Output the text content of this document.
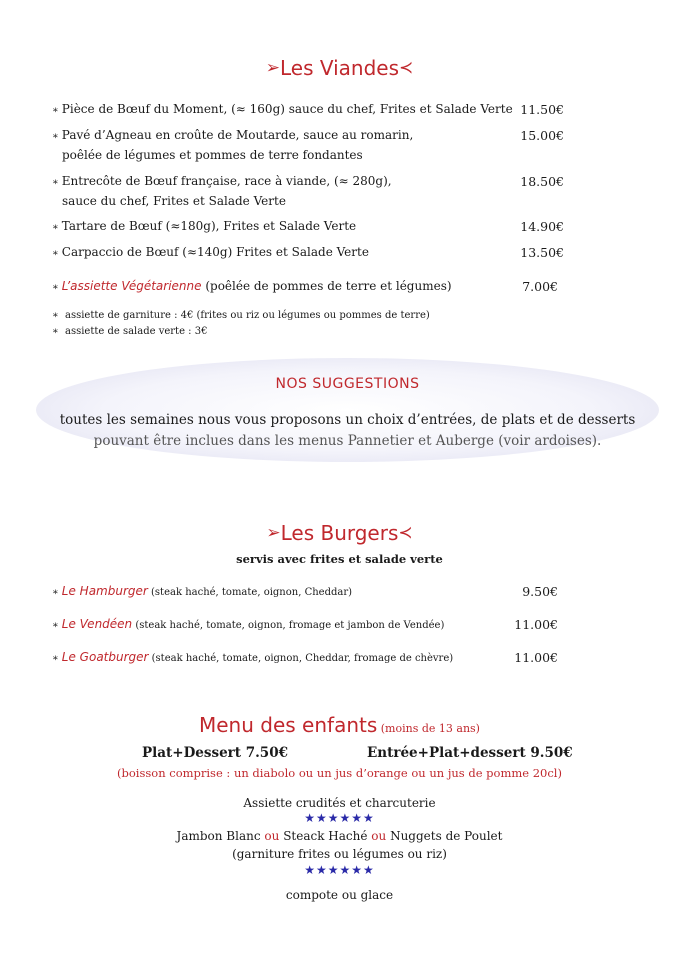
➢Les Viandes≺
∗ Pièce de Bœuf du Moment, (≈ 160g) sauce du chef, Frites et Salade Verte 11.50€
∗ Pavé d’Agneau en croûte de Moutarde, sauce au romarin,
poêlée de légumes et pommes de terre fondantes
15.00€
∗ Entrecôte de Bœuf française, race à viande, (≈ 280g),
sauce du chef, Frites et Salade Verte
18.50€
∗ Tartare de Bœuf (≈180g), Frites et Salade Verte	14.90€
∗ Carpaccio de Bœuf (≈140g) Frites et Salade Verte	13.50€
∗ L’assiette Végétarienne (poêlée de pommes de terre et légumes)	7.00€
∗ assiette de garniture : 4€ (frites ou riz ou légumes ou pommes de terre)
∗ assiette de salade verte : 3€
NOS SUGGESTIONS
toutes les semaines nous vous proposons un choix d’entrées, de plats et de desserts
pouvant être inclues dans les menus Pannetier et Auberge (voir ardoises).
➢Les Burgers≺
servis avec frites et salade verte
∗ Le Hamburger (steak haché, tomate, oignon, Cheddar)	9.50€
∗ Le Vendéen (steak haché, tomate, oignon, fromage et jambon de Vendée)	11.00€
∗ Le Goatburger (steak haché, tomate, oignon, Cheddar, fromage de chèvre)	11.00€
Menu des enfants (moins de 13 ans)
Plat+Dessert 7.50€	Entrée+Plat+dessert 9.50€
(boisson comprise : un diabolo ou un jus d’orange ou un jus de pomme 20cl)
Assiette crudités et charcuterie
★★★★★★
Jambon Blanc ou Steack Haché ou Nuggets de Poulet
(garniture frites ou légumes ou riz)
★★★★★★
compote ou glace
